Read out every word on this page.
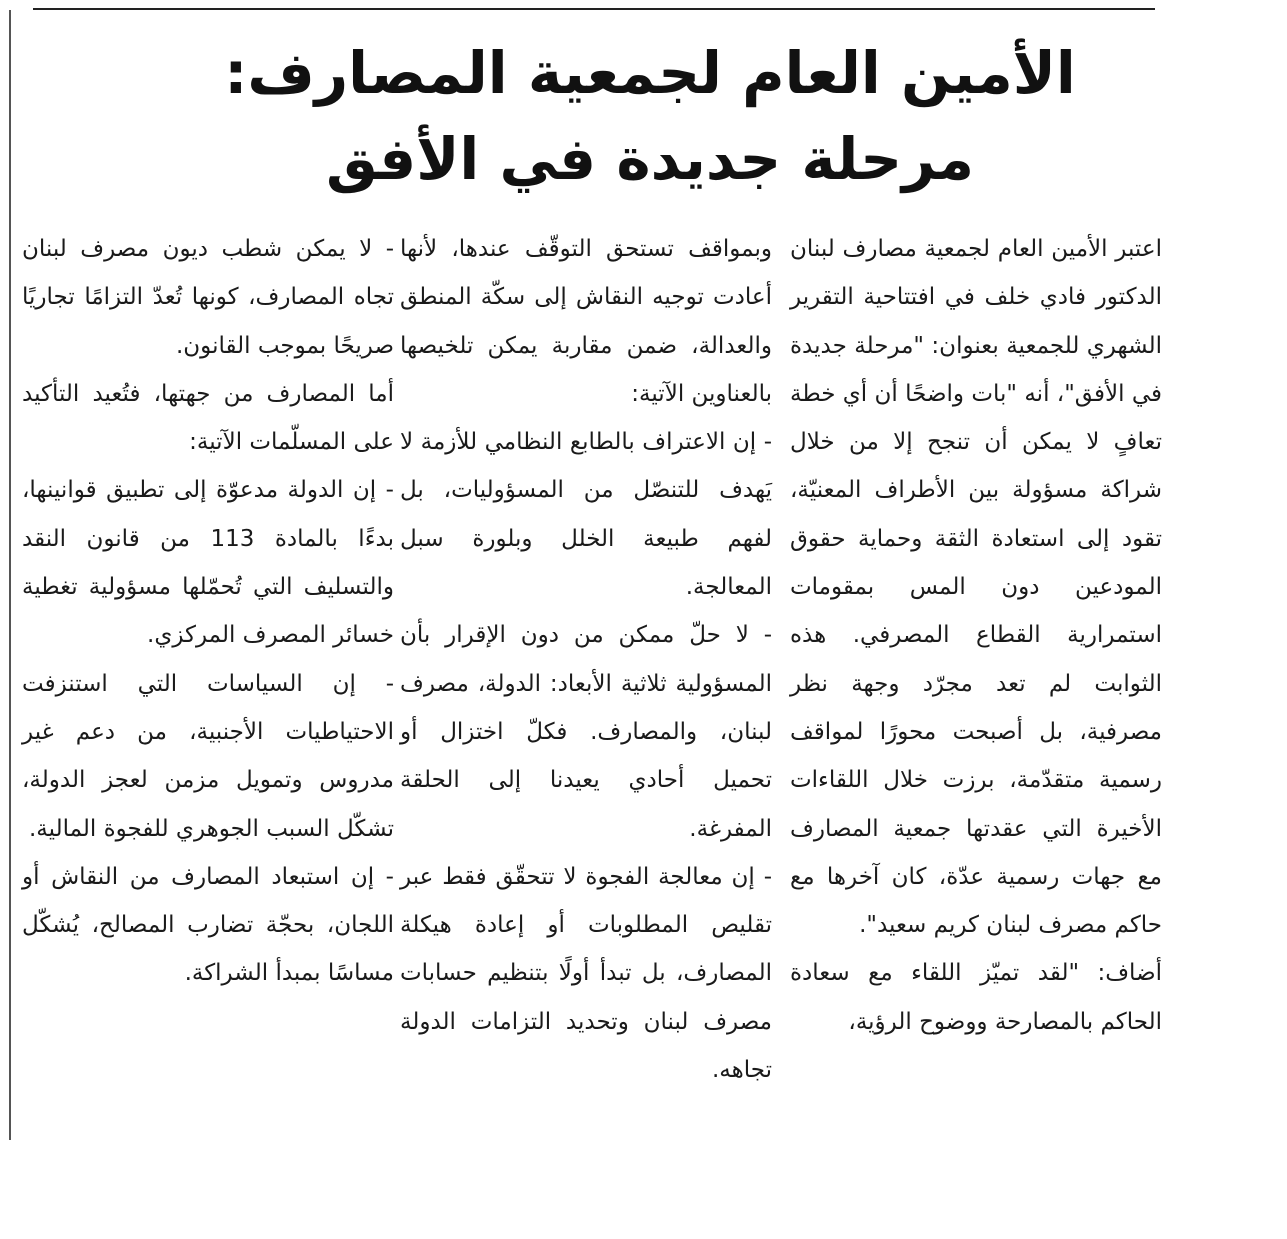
الأمين العام لجمعية المصارف:
مرحلة جديدة في الأفق

اعتبر الأمين العام لجمعية مصارف لبنان الدكتور فادي خلف في افتتاحية التقرير الشهري للجمعية بعنوان: "مرحلة جديدة في الأفق"، أنه "بات واضحًا أن أي خطة تعافٍ لا يمكن أن تنجح إلا من خلال شراكة مسؤولة بين الأطراف المعنيّة، تقود إلى استعادة الثقة وحماية حقوق المودعين دون المس بمقومات استمرارية القطاع المصرفي. هذه الثوابت لم تعد مجرّد وجهة نظر مصرفية، بل أصبحت محورًا لمواقف رسمية متقدّمة، برزت خلال اللقاءات الأخيرة التي عقدتها جمعية المصارف مع جهات رسمية عدّة، كان آخرها مع حاكم مصرف لبنان كريم سعيد".

أضاف: "لقد تميّز اللقاء مع سعادة الحاكم بالمصارحة ووضوح الرؤية،

وبمواقف تستحق التوقّف عندها، لأنها أعادت توجيه النقاش إلى سكّة المنطق والعدالة، ضمن مقاربة يمكن تلخيصها بالعناوين الآتية:

- إن الاعتراف بالطابع النظامي للأزمة لا يَهدف للتنصّل من المسؤوليات، بل لفهم طبيعة الخلل وبلورة سبل المعالجة.

- لا حلّ ممكن من دون الإقرار بأن المسؤولية ثلاثية الأبعاد: الدولة، مصرف لبنان، والمصارف. فكلّ اختزال أو تحميل أحادي يعيدنا إلى الحلقة المفرغة.

- إن معالجة الفجوة لا تتحقّق فقط عبر تقليص المطلوبات أو إعادة هيكلة المصارف، بل تبدأ أولًا بتنظيم حسابات مصرف لبنان وتحديد التزامات الدولة تجاهه.

- لا يمكن شطب ديون مصرف لبنان تجاه المصارف، كونها تُعدّ التزامًا تجاريًا صريحًا بموجب القانون.

أما المصارف من جهتها، فتُعيد التأكيد على المسلّمات الآتية:

- إن الدولة مدعوّة إلى تطبيق قوانينها، بدءًا بالمادة 113 من قانون النقد والتسليف التي تُحمّلها مسؤولية تغطية خسائر المصرف المركزي.

- إن السياسات التي استنزفت الاحتياطيات الأجنبية، من دعم غير مدروس وتمويل مزمن لعجز الدولة، تشكّل السبب الجوهري للفجوة المالية.

- إن استبعاد المصارف من النقاش أو اللجان، بحجّة تضارب المصالح، يُشكّل مساسًا بمبدأ الشراكة.
